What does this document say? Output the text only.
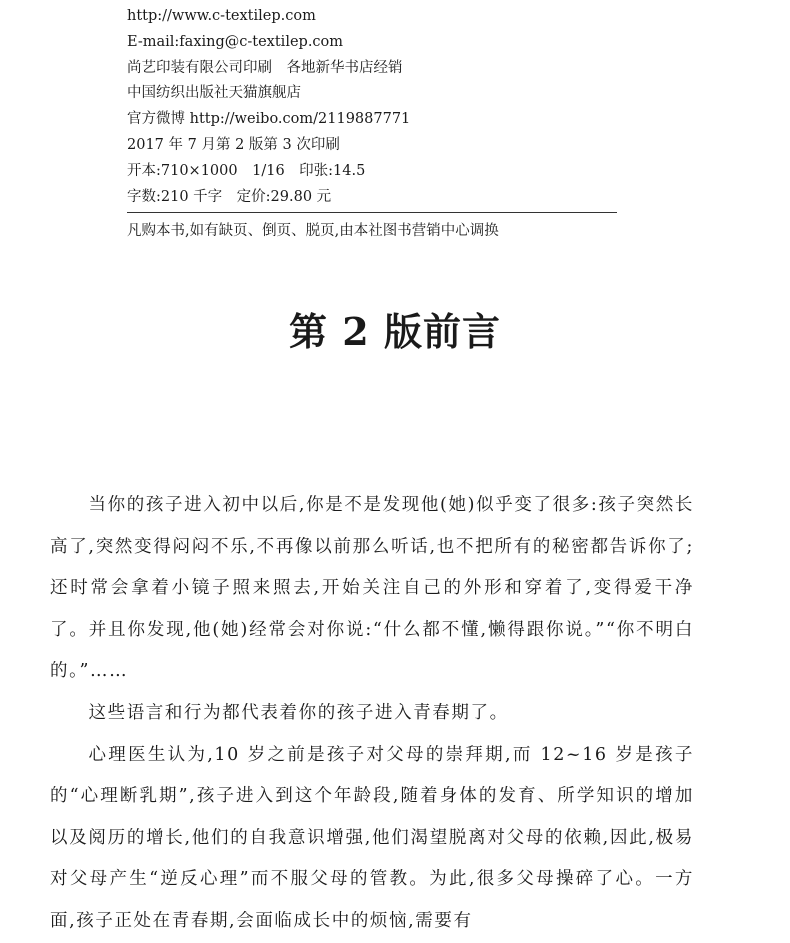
http://www.c-textilep.com
E-mail:faxing@c-textilep.com
尚艺印装有限公司印刷　各地新华书店经销
中国纺织出版社天猫旗舰店
官方微博 http://weibo.com/2119887771
2017 年 7 月第 2 版第 3 次印刷
开本:710×1000　1/16　印张:14.5
字数:210 千字　定价:29.80 元
凡购本书,如有缺页、倒页、脱页,由本社图书营销中心调换
第 2 版前言

当你的孩子进入初中以后,你是不是发现他(她)似乎变了很多:孩子突然长高了,突然变得闷闷不乐,不再像以前那么听话,也不把所有的秘密都告诉你了;还时常会拿着小镜子照来照去,开始关注自己的外形和穿着了,变得爱干净了。并且你发现,他(她)经常会对你说:“什么都不懂,懒得跟你说。”“你不明白的。”……

这些语言和行为都代表着你的孩子进入青春期了。

心理医生认为,10 岁之前是孩子对父母的崇拜期,而 12~16 岁是孩子的“心理断乳期”,孩子进入到这个年龄段,随着身体的发育、所学知识的增加以及阅历的增长,他们的自我意识增强,他们渴望脱离对父母的依赖,因此,极易对父母产生“逆反心理”而不服父母的管教。为此,很多父母操碎了心。一方面,孩子正处在青春期,会面临成长中的烦恼,需要有
